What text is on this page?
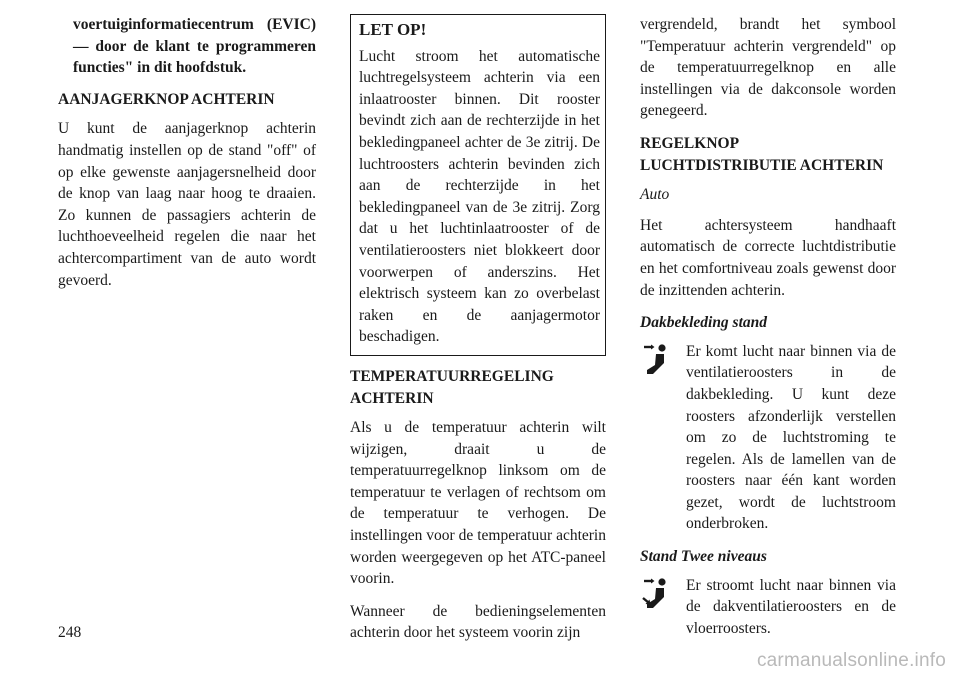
voertuiginformatiecentrum (EVIC) — door de klant te programmeren functies" in dit hoofdstuk.

AANJAGERKNOP ACHTERIN

U kunt de aanjagerknop achterin handmatig instellen op de stand "off" of op elke gewenste aanjagersnelheid door de knop van laag naar hoog te draaien. Zo kunnen de passagiers achterin de luchthoeveelheid regelen die naar het achtercompartiment van de auto wordt gevoerd.

LET OP!

Lucht stroom het automatische luchtregelsysteem achterin via een inlaatrooster binnen. Dit rooster bevindt zich aan de rechterzijde in het bekledingpaneel achter de 3e zitrij. De luchtroosters achterin bevinden zich aan de rechterzijde in het bekledingpaneel van de 3e zitrij. Zorg dat u het luchtinlaatrooster of de ventilatieroosters niet blokkeert door voorwerpen of anderszins. Het elektrisch systeem kan zo overbelast raken en de aanjagermotor beschadigen.

TEMPERATUURREGELING ACHTERIN

Als u de temperatuur achterin wilt wijzigen, draait u de temperatuurregelknop linksom om de temperatuur te verlagen of rechtsom om de temperatuur te verhogen. De instellingen voor de temperatuur achterin worden weergegeven op het ATC-paneel voorin.

Wanneer de bedieningselementen achterin door het systeem voorin zijn

vergrendeld, brandt het symbool "Temperatuur achterin vergrendeld" op de temperatuurregelknop en alle instellingen via de dakconsole worden genegeerd.

REGELKNOP LUCHTDISTRIBUTIE ACHTERIN

Auto

Het achtersysteem handhaaft automatisch de correcte luchtdistributie en het comfortniveau zoals gewenst door de inzittenden achterin.

Dakbekleding stand

Er komt lucht naar binnen via de ventilatieroosters in de dakbekleding. U kunt deze roosters afzonderlijk verstellen om zo de luchtstroming te regelen. Als de lamellen van de roosters naar één kant worden gezet, wordt de luchtstroom onderbroken.

Stand Twee niveaus

Er stroomt lucht naar binnen via de dakventilatieroosters en de vloerroosters.

248
carmanualsonline.info
